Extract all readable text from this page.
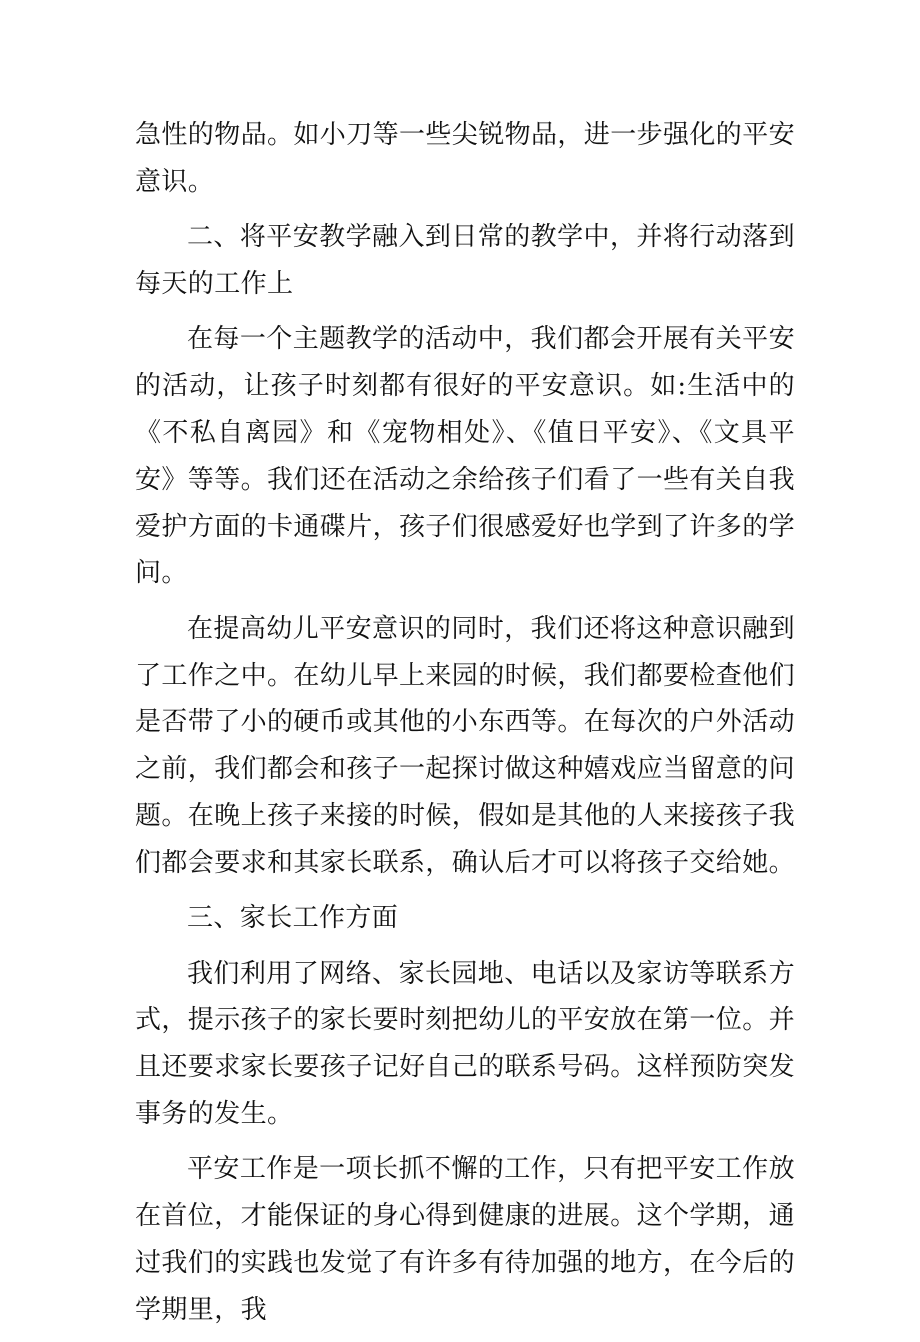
急性的物品。如小刀等一些尖锐物品，进一步强化的平安意识。

二、将平安教学融入到日常的教学中，并将行动落到每天的工作上

在每一个主题教学的活动中，我们都会开展有关平安的活动，让孩子时刻都有很好的平安意识。如:生活中的《不私自离园》和《宠物相处》、《值日平安》、《文具平安》等等。我们还在活动之余给孩子们看了一些有关自我爱护方面的卡通碟片，孩子们很感爱好也学到了许多的学问。

在提高幼儿平安意识的同时，我们还将这种意识融到了工作之中。在幼儿早上来园的时候，我们都要检查他们是否带了小的硬币或其他的小东西等。在每次的户外活动之前，我们都会和孩子一起探讨做这种嬉戏应当留意的问题。在晚上孩子来接的时候，假如是其他的人来接孩子我们都会要求和其家长联系，确认后才可以将孩子交给她。

三、家长工作方面

我们利用了网络、家长园地、电话以及家访等联系方式，提示孩子的家长要时刻把幼儿的平安放在第一位。并且还要求家长要孩子记好自己的联系号码。这样预防突发事务的发生。

平安工作是一项长抓不懈的工作，只有把平安工作放在首位，才能保证的身心得到健康的进展。这个学期，通过我们的实践也发觉了有许多有待加强的地方，在今后的学期里，我
